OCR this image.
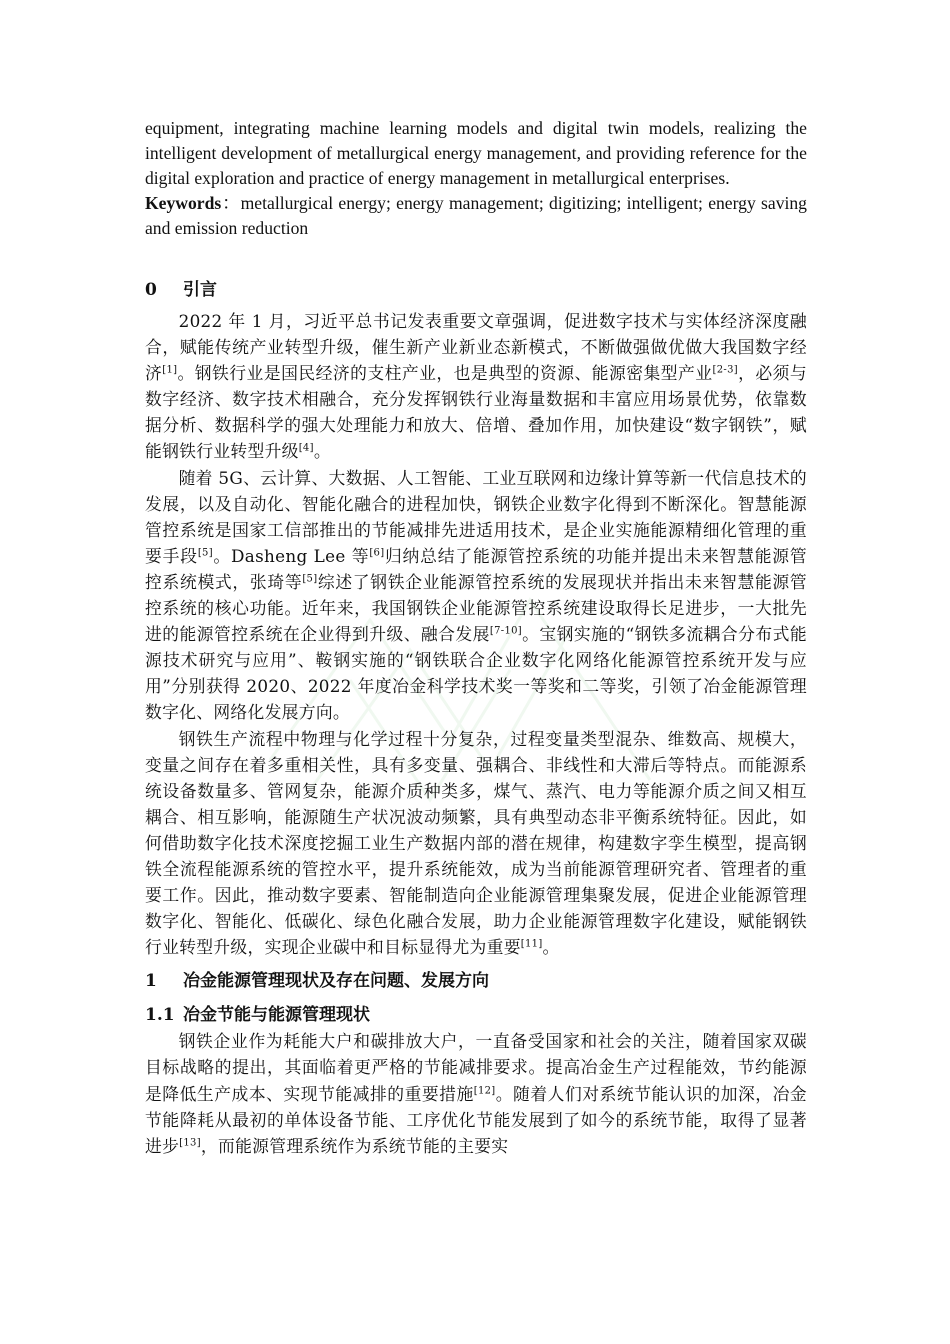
equipment, integrating machine learning models and digital twin models, realizing the intelligent development of metallurgical energy management, and providing reference for the digital exploration and practice of energy management in metallurgical enterprises.

Keywords：metallurgical energy; energy management; digitizing; intelligent; energy saving and emission reduction

0	引言

2022 年 1 月，习近平总书记发表重要文章强调，促进数字技术与实体经济深度融合，赋能传统产业转型升级，催生新产业新业态新模式，不断做强做优做大我国数字经济[1]。钢铁行业是国民经济的支柱产业，也是典型的资源、能源密集型产业[2-3]，必须与数字经济、数字技术相融合，充分发挥钢铁行业海量数据和丰富应用场景优势，依靠数据分析、数据科学的强大处理能力和放大、倍增、叠加作用，加快建设“数字钢铁”，赋能钢铁行业转型升级[4]。

随着 5G、云计算、大数据、人工智能、工业互联网和边缘计算等新一代信息技术的发展，以及自动化、智能化融合的进程加快，钢铁企业数字化得到不断深化。智慧能源管控系统是国家工信部推出的节能减排先进适用技术，是企业实施能源精细化管理的重要手段[5]。Dasheng Lee 等[6]归纳总结了能源管控系统的功能并提出未来智慧能源管控系统模式，张琦等[5]综述了钢铁企业能源管控系统的发展现状并指出未来智慧能源管控系统的核心功能。近年来，我国钢铁企业能源管控系统建设取得长足进步，一大批先进的能源管控系统在企业得到升级、融合发展[7-10]。宝钢实施的“钢铁多流耦合分布式能源技术研究与应用”、鞍钢实施的“钢铁联合企业数字化网络化能源管控系统开发与应用”分别获得 2020、2022 年度冶金科学技术奖一等奖和二等奖，引领了冶金能源管理数字化、网络化发展方向。

钢铁生产流程中物理与化学过程十分复杂，过程变量类型混杂、维数高、规模大，变量之间存在着多重相关性，具有多变量、强耦合、非线性和大滞后等特点。而能源系统设备数量多、管网复杂，能源介质种类多，煤气、蒸汽、电力等能源介质之间又相互耦合、相互影响，能源随生产状况波动频繁，具有典型动态非平衡系统特征。因此，如何借助数字化技术深度挖掘工业生产数据内部的潜在规律，构建数字孪生模型，提高钢铁全流程能源系统的管控水平，提升系统能效，成为当前能源管理研究者、管理者的重要工作。因此，推动数字要素、智能制造向企业能源管理集聚发展，促进企业能源管理数字化、智能化、低碳化、绿色化融合发展，助力企业能源管理数字化建设，赋能钢铁行业转型升级，实现企业碳中和目标显得尤为重要[11]。

1	冶金能源管理现状及存在问题、发展方向
1.1 冶金节能与能源管理现状

钢铁企业作为耗能大户和碳排放大户，一直备受国家和社会的关注，随着国家双碳目标战略的提出，其面临着更严格的节能减排要求。提高冶金生产过程能效，节约能源是降低生产成本、实现节能减排的重要措施[12]。随着人们对系统节能认识的加深，冶金节能降耗从最初的单体设备节能、工序优化节能发展到了如今的系统节能，取得了显著进步[13]，而能源管理系统作为系统节能的主要实
